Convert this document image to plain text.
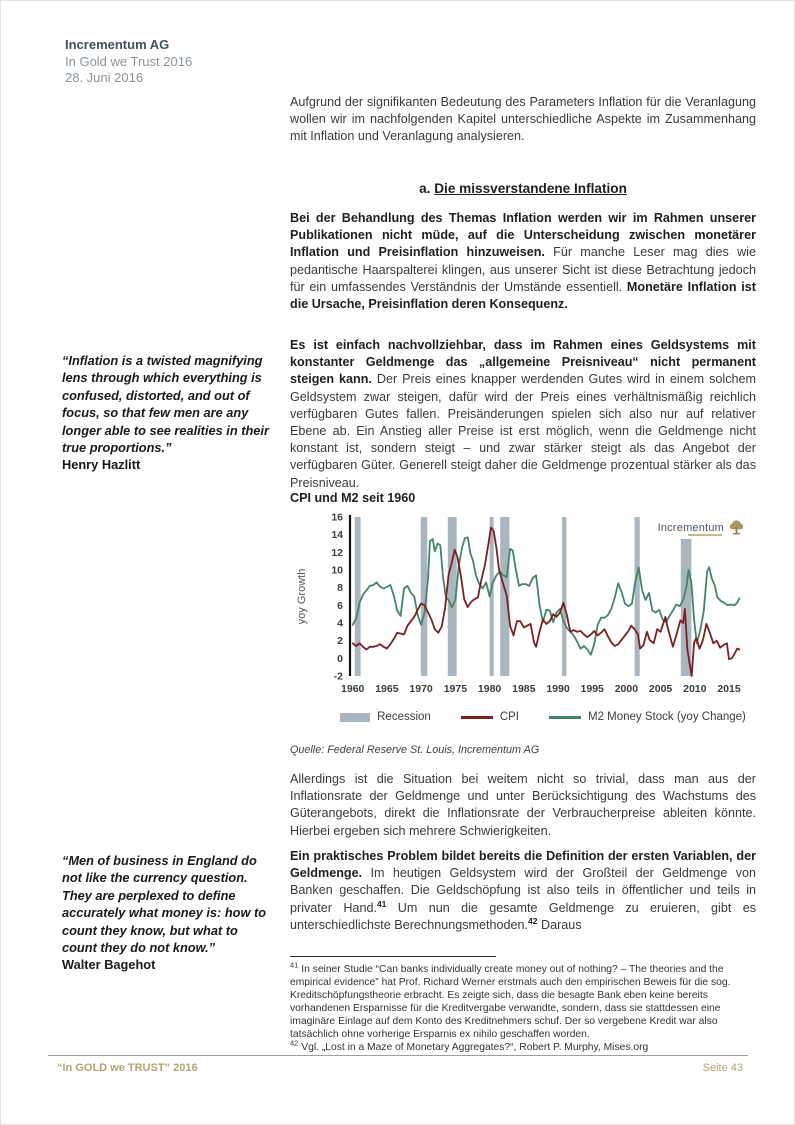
Incrementum AG
In Gold we Trust 2016
28. Juni 2016
“Inflation is a twisted magnifying lens through which everything is confused, distorted, and out of focus, so that few men are any longer able to see realities in their true proportions.”
Henry Hazlitt
“Men of business in England do not like the currency question. They are perplexed to define accurately what money is: how to count they know, but what to count they do not know.”
Walter Bagehot

Aufgrund der signifikanten Bedeutung des Parameters Inflation für die Veranlagung wollen wir im nachfolgenden Kapitel unterschiedliche Aspekte im Zusammenhang mit Inflation und Veranlagung analysieren.

a. Die missverstandene Inflation

Bei der Behandlung des Themas Inflation werden wir im Rahmen unserer Publikationen nicht müde, auf die Unterscheidung zwischen monetärer Inflation und Preisinflation hinzuweisen. Für manche Leser mag dies wie pedantische Haarspalterei klingen, aus unserer Sicht ist diese Betrachtung jedoch für ein umfassendes Verständnis der Umstände essentiell. Monetäre Inflation ist die Ursache, Preisinflation deren Konsequenz.

Es ist einfach nachvollziehbar, dass im Rahmen eines Geldsystems mit konstanter Geldmenge das „allgemeine Preisniveau“ nicht permanent steigen kann. Der Preis eines knapper werdenden Gutes wird in einem solchem Geldsystem zwar steigen, dafür wird der Preis eines verhältnismäßig reichlich verfügbaren Gutes fallen. Preisänderungen spielen sich also nur auf relativer Ebene ab. Ein Anstieg aller Preise ist erst möglich, wenn die Geldmenge nicht konstant ist, sondern steigt – und zwar stärker steigt als das Angebot der verfügbaren Güter. Generell steigt daher die Geldmenge prozentual stärker als das Preisniveau.

CPI und M2 seit 1960
-2
0
2
4
6
8
10
12
14
16
1960 1965 1970 1975 1980 1985 1990 1995 2000 2005 2010 2015
yoy Growth
Recession	CPI	M2 Money Stock (yoy Change)
Incrementum
Quelle: Federal Reserve St. Louis, Incrementum AG

Allerdings ist die Situation bei weitem nicht so trivial, dass man aus der Inflationsrate der Geldmenge und unter Berücksichtigung des Wachstums des Güterangebots, direkt die Inflationsrate der Verbraucherpreise ableiten könnte. Hierbei ergeben sich mehrere Schwierigkeiten.

Ein praktisches Problem bildet bereits die Definition der ersten Variablen, der Geldmenge. Im heutigen Geldsystem wird der Großteil der Geldmenge von Banken geschaffen. Die Geldschöpfung ist also teils in öffentlicher und teils in privater Hand.$^{41}$ Um nun die gesamte Geldmenge zu eruieren, gibt es unterschiedlichste Berechnungsmethoden.$^{42}$ Daraus

$^{41}$ In seiner Studie “Can banks individually create money out of nothing? – The theories and the empirical evidence” hat Prof. Richard Werner erstmals auch den empirischen Beweis für die sog. Kreditschöpfungstheorie erbracht. Es zeigte sich, dass die besagte Bank eben keine bereits vorhandenen Ersparnisse für die Kreditvergabe verwandte, sondern, dass sie stattdessen eine imaginäre Einlage auf dem Konto des Kreditnehmers schuf. Der so vergebene Kredit war also tatsächlich ohne vorherige Ersparnis ex nihilo geschaffen worden.

$^{42}$ Vgl. „Lost in a Maze of Monetary Aggregates?“, Robert P. Murphy, Mises.org

“In GOLD we TRUST” 2016	Seite 43
